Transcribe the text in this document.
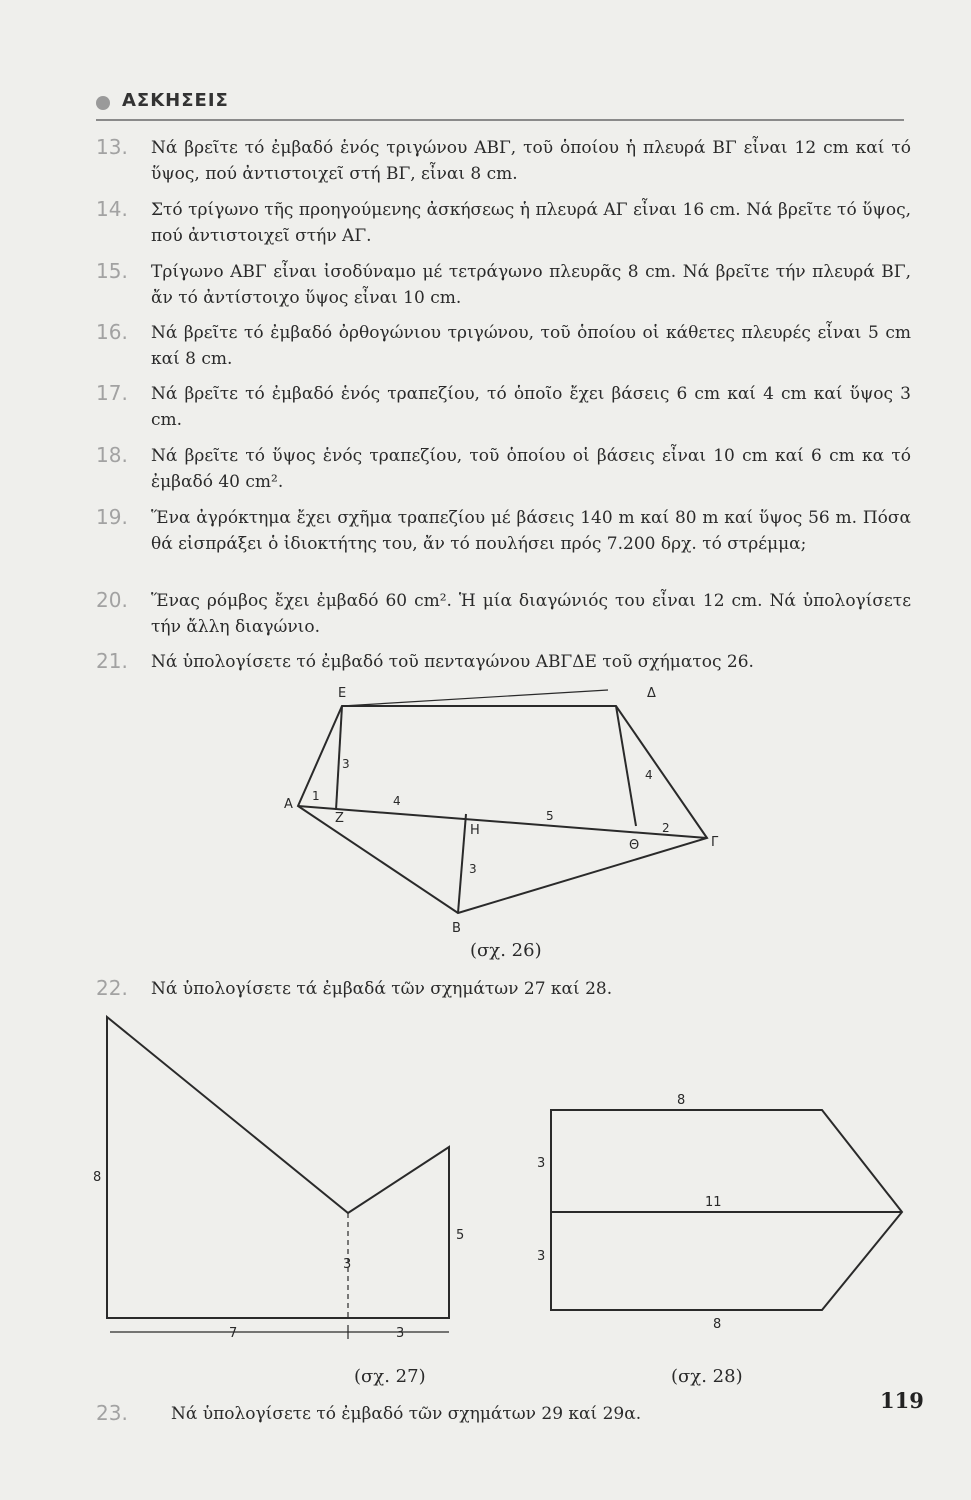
ΑΣΚΗΣΕΙΣ
13. Νά βρεῖτε τό ἐμβαδό ἑνός τριγώνου ΑΒΓ, τοῦ ὁποίου ἡ πλευρά ΒΓ εἶναι 12 cm καί τό ὕψος, πού ἀντιστοιχεῖ στή ΒΓ, εἶναι 8 cm.
14. Στό τρίγωνο τῆς προηγούμενης ἀσκήσεως ἡ πλευρά ΑΓ εἶναι 16 cm. Νά βρεῖτε τό ὕψος, πού ἀντιστοιχεῖ στήν ΑΓ.
15. Τρίγωνο ΑΒΓ εἶναι ἰσοδύναμο μέ τετράγωνο πλευρᾶς 8 cm. Νά βρεῖτε τήν πλευρά ΒΓ, ἄν τό ἀντίστοιχο ὕψος εἶναι 10 cm.
16. Νά βρεῖτε τό ἐμβαδό ὀρθογώνιου τριγώνου, τοῦ ὁποίου οἱ κάθετες πλευρές εἶναι 5 cm καί 8 cm.
17. Νά βρεῖτε τό ἐμβαδό ἑνός τραπεζίου, τό ὁποῖο ἔχει βάσεις 6 cm καί 4 cm καί ὕψος 3 cm.
18. Νά βρεῖτε τό ὕψος ἑνός τραπεζίου, τοῦ ὁποίου οἱ βάσεις εἶναι 10 cm καί 6 cm κα τό ἐμβαδό 40 cm².
19. Ἕνα ἀγρόκτημα ἔχει σχῆμα τραπεζίου μέ βάσεις 140 m καί 80 m καί ὕψος 56 m. Πόσα θά εἰσπράξει ὁ ἰδιοκτήτης του, ἄν τό πουλήσει πρός 7.200 δρχ. τό στρέμμα;
20. Ἕνας ρόμβος ἔχει ἐμβαδό 60 cm². Ἡ μία διαγώνιός του εἶναι 12 cm. Νά ὑπολογίσετε τήν ἄλλη διαγώνιο.
21. Νά ὑπολογίσετε τό ἐμβαδό τοῦ πενταγώνου ΑΒΓΔΕ τοῦ σχήματος 26.
22. Νά ὑπολογίσετε τά ἐμβαδά τῶν σχημάτων 27 καί 28.
23.	Νά ὑπολογίσετε τό ἐμβαδό τῶν σχημάτων 29 καί 29α.
Ε	Δ
Α
Ζ
Η
Θ	Γ
Β
1	4
5
2
3
4
3
(σχ. 26)
8
5
3
7	3
(σχ. 27)
8
3
11
3
8
(σχ. 28)
119
